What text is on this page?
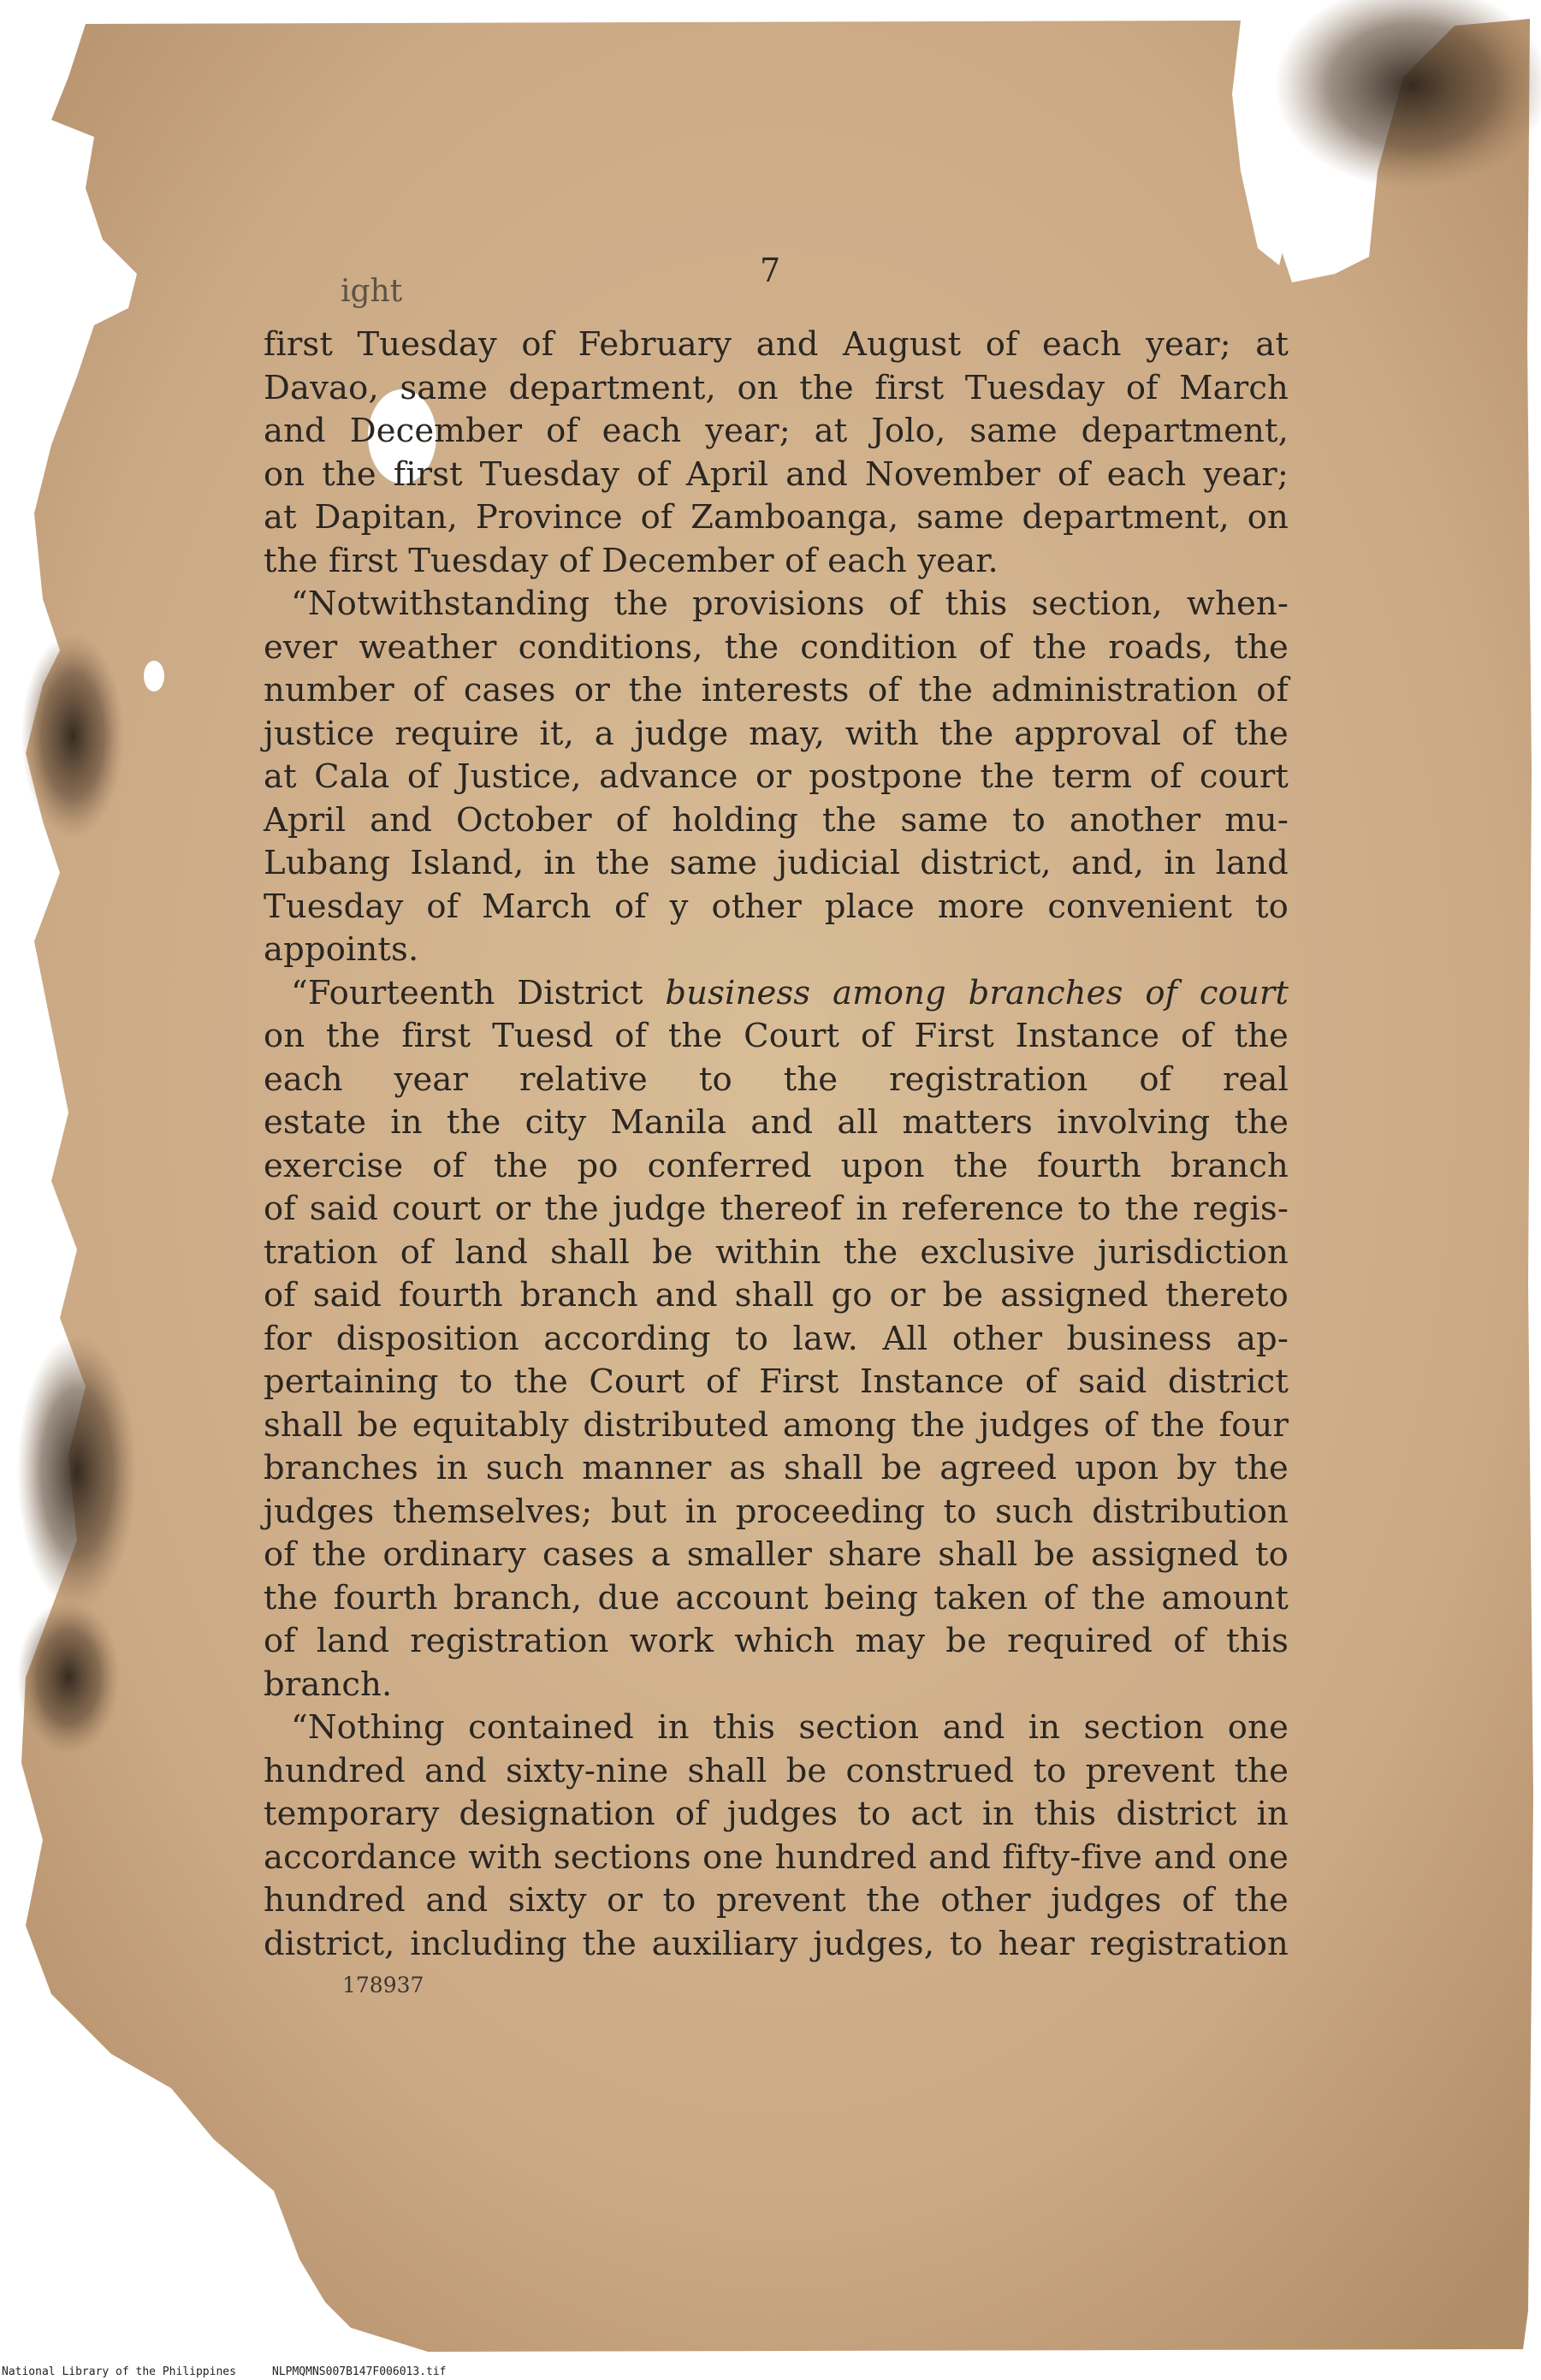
7
ight
first Tuesday of February and August of each year; at
Davao, same department, on the first Tuesday of March
and December of each year; at Jolo, same department,
on the first Tuesday of April and November of each year;
at Dapitan, Province of Zamboanga, same department, on
the first Tuesday of December of each year.
“Notwithstanding the provisions of this section, when-
ever weather conditions, the condition of the roads, the
number of cases or the interests of the administration of
justice require it, a judge may, with the approval of the
at Cala of Justice, advance or postpone the term of court
April and October of holding the same to another mu-
Lubang Island, in the same judicial district, and, in land
Tuesday of March of y other place more convenient to
appoints.
“Fourteenth District business among branches of court
on the first Tuesd of the Court of First Instance of the
each year relative to the registration of real
estate in the city Manila and all matters involving the
exercise of the po conferred upon the fourth branch
of said court or the judge thereof in reference to the regis-
tration of land shall be within the exclusive jurisdiction
of said fourth branch and shall go or be assigned thereto
for disposition according to law. All other business ap-
pertaining to the Court of First Instance of said district
shall be equitably distributed among the judges of the four
branches in such manner as shall be agreed upon by the
judges themselves; but in proceeding to such distribution
of the ordinary cases a smaller share shall be assigned to
the fourth branch, due account being taken of the amount
of land registration work which may be required of this
branch.
“Nothing contained in this section and in section one
hundred and sixty-nine shall be construed to prevent the
temporary designation of judges to act in this district in
accordance with sections one hundred and fifty-five and one
hundred and sixty or to prevent the other judges of the
district, including the auxiliary judges, to hear registration
178937
National Library of the Philippines	NLPMQMNS007B147F006013.tif
